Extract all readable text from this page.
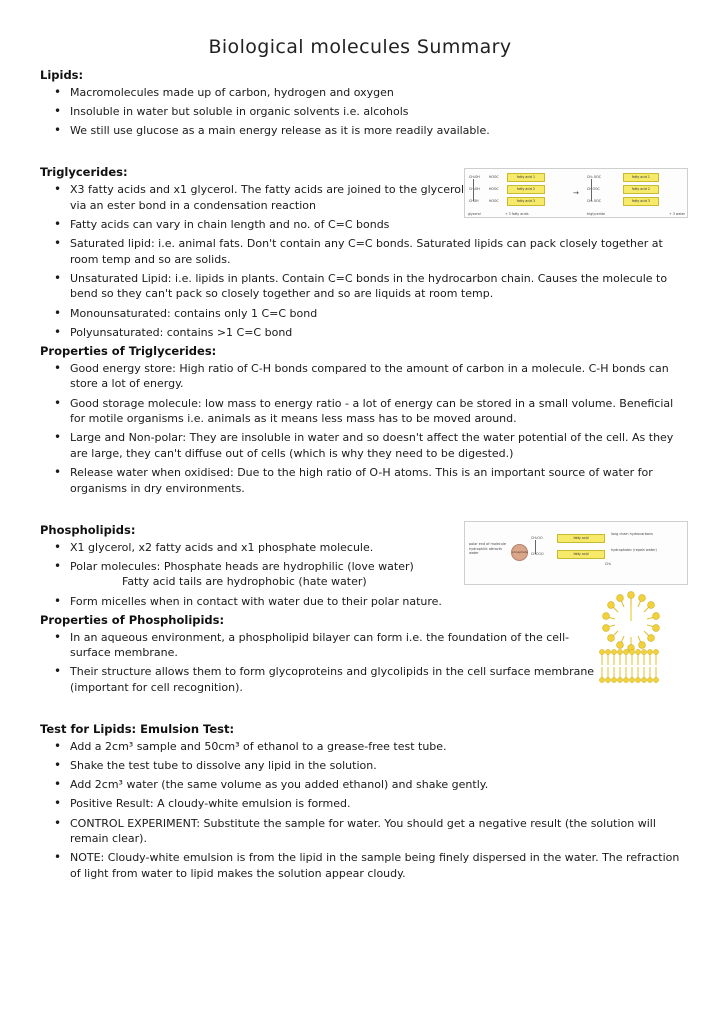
Biological molecules Summary
Lipids:
• Macromolecules made up of carbon, hydrogen and oxygen
• Insoluble in water but soluble in organic solvents i.e. alcohols
• We still use glucose as a main energy release as it is more readily available.
Triglycerides:
• X3 fatty acids and x1 glycerol. The fatty acids are joined to the glycerol via an ester bond in a condensation reaction
• Fatty acids can vary in chain length and no. of C=C bonds
• Saturated lipid: i.e. animal fats. Don't contain any C=C bonds. Saturated lipids can pack closely together at room temp and so are solids.
• Unsaturated Lipid: i.e. lipids in plants. Contain C=C bonds in the hydrocarbon chain. Causes the molecule to bend so they can't pack so closely together and so are liquids at room temp.
• Monounsaturated: contains only 1 C=C bond
• Polyunsaturated: contains >1 C=C bond
Properties of Triglycerides:
• Good energy store: High ratio of C-H bonds compared to the amount of carbon in a molecule. C-H bonds can store a lot of energy.
• Good storage molecule: low mass to energy ratio - a lot of energy can be stored in a small volume. Beneficial for motile organisms i.e. animals as it means less mass has to be moved around.
• Large and Non-polar: They are insoluble in water and so doesn't affect the water potential of the cell. As they are large, they can't diffuse out of cells (which is why they need to be digested.)
• Release water when oxidised: Due to the high ratio of O-H atoms. This is an important source of water for organisms in dry environments.
Phospholipids:
• X1 glycerol, x2 fatty acids and x1 phosphate molecule.
• Polar molecules: Phosphate heads are hydrophilic (love water)
Fatty acid tails are hydrophobic (hate water)
• Form micelles when in contact with water due to their polar nature.
Properties of Phospholipids:
• In an aqueous environment, a phospholipid bilayer can form i.e. the foundation of the cell-surface membrane.
• Their structure allows them to form glycoproteins and glycolipids in the cell surface membrane (important for cell recognition).
Test for Lipids: Emulsion Test:
• Add a 2cm³ sample and 50cm³ of ethanol to a grease-free test tube.
• Shake the test tube to dissolve any lipid in the solution.
• Add 2cm³ water (the same volume as you added ethanol) and shake gently.
• Positive Result: A cloudy-white emulsion is formed.
• CONTROL EXPERIMENT: Substitute the sample for water. You should get a negative result (the solution will remain clear).
• NOTE: Cloudy-white emulsion is from the lipid in the sample being finely dispersed in the water. The refraction of light from water to lipid makes the solution appear cloudy.
CH₂OH	HOOC	fatty acid 1
CH₂OH	HOOC	fatty acid 2
CHOH	HOOC	fatty acid 3
glycerol	+ 3 fatty acids
→
CH₂ OOC	fatty acid 1
CH OOC	fatty acid 2
CH₂ OOC	fatty acid 3
triglyceride	+ 3 water
polar end of molecule hydrophilic attracts water	phosphate
CH₂OO	fatty acid
CHCOO	fatty acid
long chain hydrocarbons
hydrophobic (repels water)
CH₃
